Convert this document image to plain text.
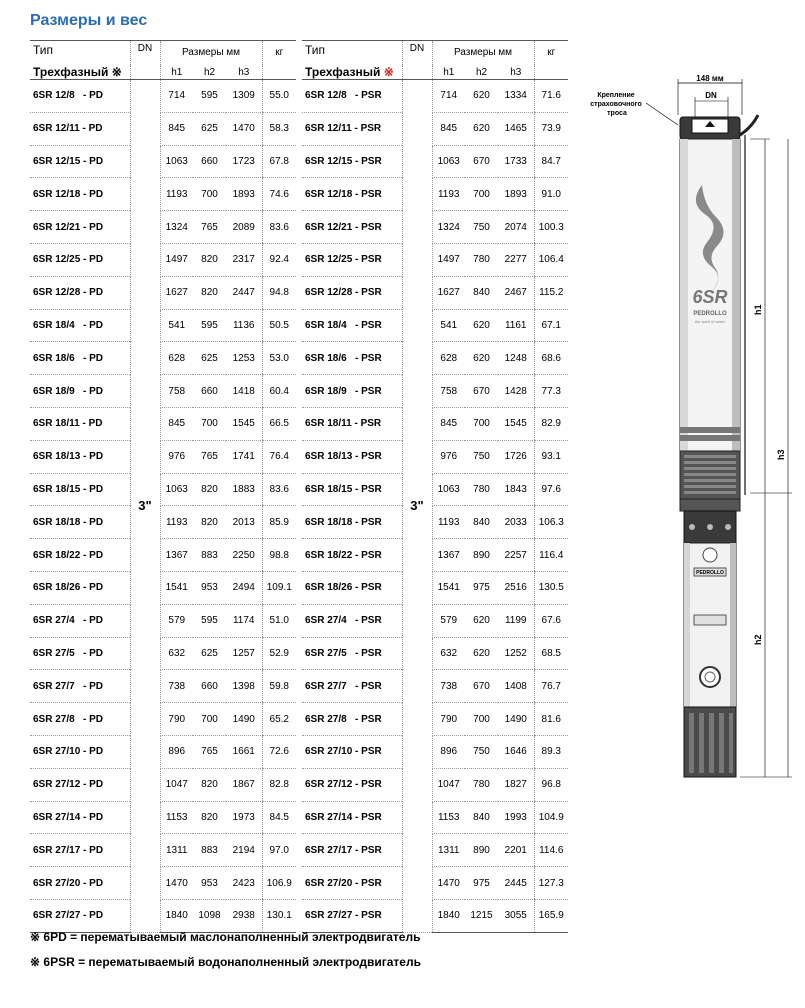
Размеры и вес
Тип	DN	Размеры мм			кг
Трехфазный ※		h1	h2	h3	
6SR 12/8   - PD	3"	714	595	1309	55.0
6SR 12/11 - PD		845	625	1470	58.3
6SR 12/15 - PD		1063	660	1723	67.8
6SR 12/18 - PD		1193	700	1893	74.6
6SR 12/21 - PD		1324	765	2089	83.6
6SR 12/25 - PD		1497	820	2317	92.4
6SR 12/28 - PD		1627	820	2447	94.8
6SR 18/4   - PD		541	595	1136	50.5
6SR 18/6   - PD		628	625	1253	53.0
6SR 18/9   - PD		758	660	1418	60.4
6SR 18/11 - PD		845	700	1545	66.5
6SR 18/13 - PD		976	765	1741	76.4
6SR 18/15 - PD		1063	820	1883	83.6
6SR 18/18 - PD		1193	820	2013	85.9
6SR 18/22 - PD		1367	883	2250	98.8
6SR 18/26 - PD		1541	953	2494	109.1
6SR 27/4   - PD		579	595	1174	51.0
6SR 27/5   - PD		632	625	1257	52.9
6SR 27/7   - PD		738	660	1398	59.8
6SR 27/8   - PD		790	700	1490	65.2
6SR 27/10 - PD		896	765	1661	72.6
6SR 27/12 - PD		1047	820	1867	82.8
6SR 27/14 - PD		1153	820	1973	84.5
6SR 27/17 - PD		1311	883	2194	97.0
6SR 27/20 - PD		1470	953	2423	106.9
6SR 27/27 - PD		1840	1098	2938	130.1
Тип	DN	Размеры мм			кг
Трехфазный ※		h1	h2	h3	
6SR 12/8   - PSR	3"	714	620	1334	71.6
6SR 12/11 - PSR		845	620	1465	73.9
6SR 12/15 - PSR		1063	670	1733	84.7
6SR 12/18 - PSR		1193	700	1893	91.0
6SR 12/21 - PSR		1324	750	2074	100.3
6SR 12/25 - PSR		1497	780	2277	106.4
6SR 12/28 - PSR		1627	840	2467	115.2
6SR 18/4   - PSR		541	620	1161	67.1
6SR 18/6   - PSR		628	620	1248	68.6
6SR 18/9   - PSR		758	670	1428	77.3
6SR 18/11 - PSR		845	700	1545	82.9
6SR 18/13 - PSR		976	750	1726	93.1
6SR 18/15 - PSR		1063	780	1843	97.6
6SR 18/18 - PSR		1193	840	2033	106.3
6SR 18/22 - PSR		1367	890	2257	116.4
6SR 18/26 - PSR		1541	975	2516	130.5
6SR 27/4   - PSR		579	620	1199	67.6
6SR 27/5   - PSR		632	620	1252	68.5
6SR 27/7   - PSR		738	670	1408	76.7
6SR 27/8   - PSR		790	700	1490	81.6
6SR 27/10 - PSR		896	750	1646	89.3
6SR 27/12 - PSR		1047	780	1827	96.8
6SR 27/14 - PSR		1153	840	1993	104.9
6SR 27/17 - PSR		1311	890	2201	114.6
6SR 27/20 - PSR		1470	975	2445	127.3
6SR 27/27 - PSR		1840	1215	3055	165.9
148 мм
DN
Крепление страховочного троса
6SR
PEDROLLO
the spirit of water
PEDROLLO
h1
h3
h2
※ 6PD = перематываемый маслонаполненный электродвигатель
※ 6PSR = перематываемый водонаполненный электродвигатель
